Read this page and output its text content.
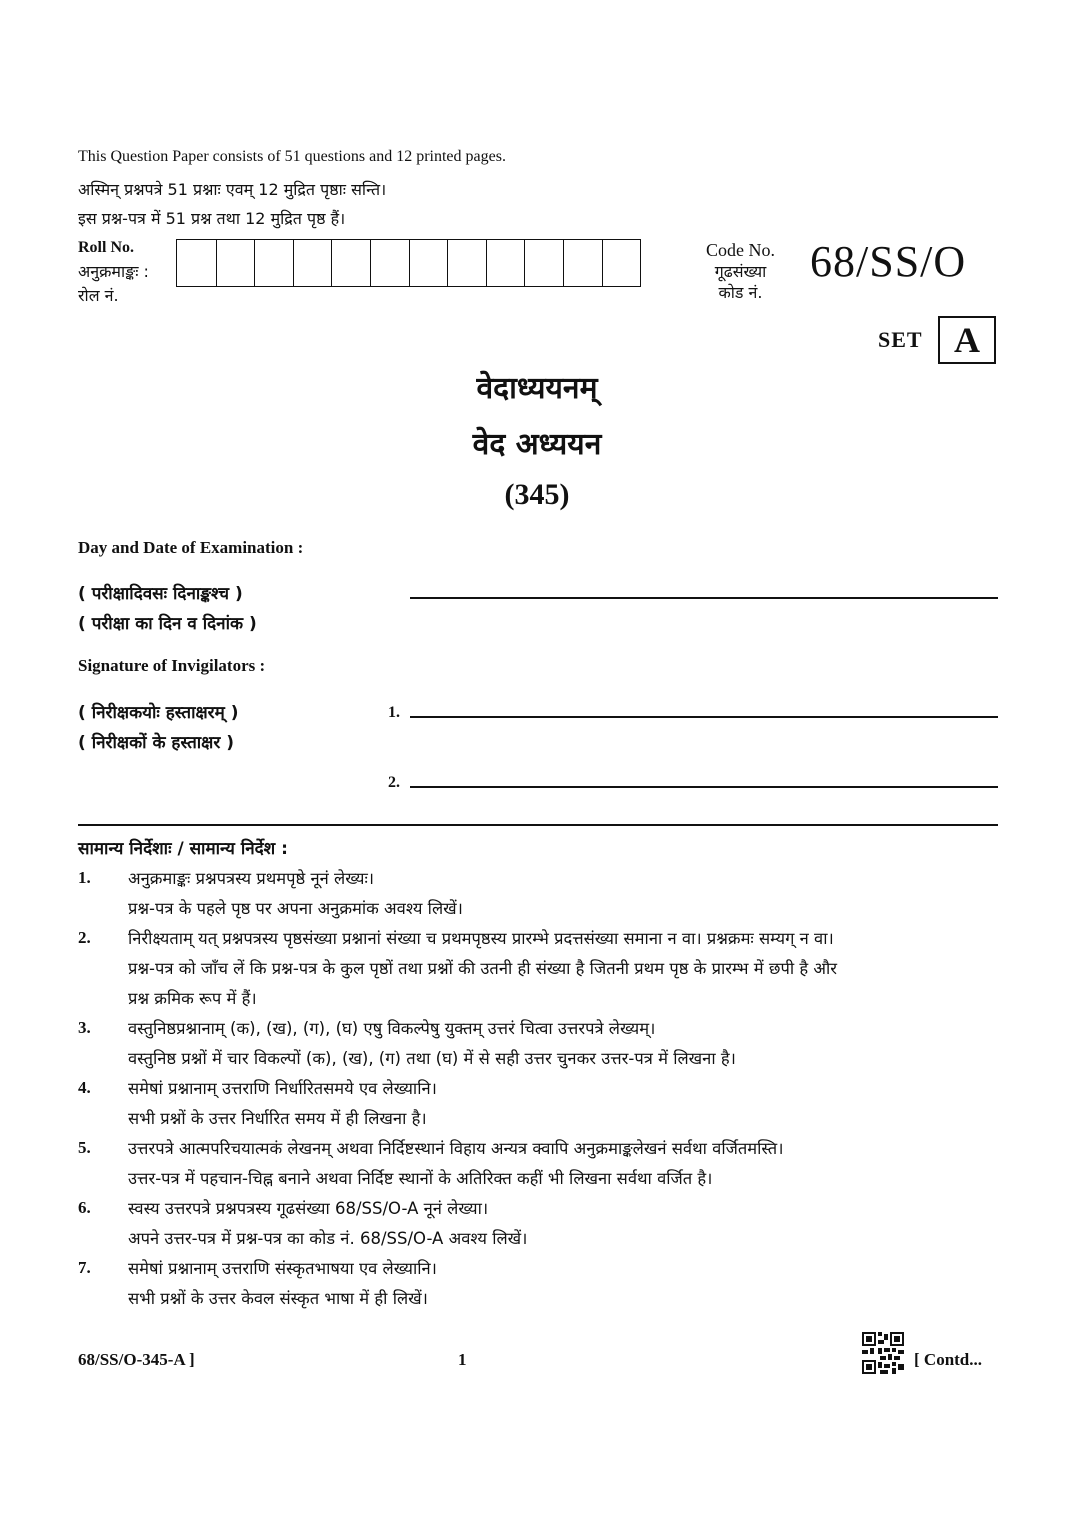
This Question Paper consists of 51 questions and 12 printed pages.
अस्मिन् प्रश्नपत्रे 51 प्रश्नाः एवम् 12 मुद्रित पृष्ठाः सन्ति।
इस प्रश्न-पत्र में 51 प्रश्न तथा 12 मुद्रित पृष्ठ हैं।
Roll No.
अनुक्रमाङ्कः :
रोल नं.
Code No.
गूढसंख्या
कोड नं.
68/SS/O
SET A
वेदाध्ययनम्
वेद अध्ययन
(345)
Day and Date of Examination :
( परीक्षादिवसः दिनाङ्कश्च )
( परीक्षा का दिन व दिनांक )
Signature of Invigilators :
( निरीक्षकयोः हस्ताक्षरम् )
( निरीक्षकों के हस्ताक्षर )
1.
2.
सामान्य निर्देशाः / सामान्य निर्देश :
1. अनुक्रमाङ्कः प्रश्नपत्रस्य प्रथमपृष्ठे नूनं लेख्यः।
प्रश्न-पत्र के पहले पृष्ठ पर अपना अनुक्रमांक अवश्य लिखें।
2. निरीक्ष्यताम् यत् प्रश्नपत्रस्य पृष्ठसंख्या प्रश्नानां संख्या च प्रथमपृष्ठस्य प्रारम्भे प्रदत्तसंख्या समाना न वा। प्रश्नक्रमः सम्यग् न वा।
प्रश्न-पत्र को जाँच लें कि प्रश्न-पत्र के कुल पृष्ठों तथा प्रश्नों की उतनी ही संख्या है जितनी प्रथम पृष्ठ के प्रारम्भ में छपी है और
प्रश्न क्रमिक रूप में हैं।
3. वस्तुनिष्ठप्रश्नानाम् (क), (ख), (ग), (घ) एषु विकल्पेषु युक्तम् उत्तरं चित्वा उत्तरपत्रे लेख्यम्।
वस्तुनिष्ठ प्रश्नों में चार विकल्पों (क), (ख), (ग) तथा (घ) में से सही उत्तर चुनकर उत्तर-पत्र में लिखना है।
4. समेषां प्रश्नानाम् उत्तराणि निर्धारितसमये एव लेख्यानि।
सभी प्रश्नों के उत्तर निर्धारित समय में ही लिखना है।
5. उत्तरपत्रे आत्मपरिचयात्मकं लेखनम् अथवा निर्दिष्टस्थानं विहाय अन्यत्र क्वापि अनुक्रमाङ्कलेखनं सर्वथा वर्जितमस्ति।
उत्तर-पत्र में पहचान-चिह्न बनाने अथवा निर्दिष्ट स्थानों के अतिरिक्त कहीं भी लिखना सर्वथा वर्जित है।
6. स्वस्य उत्तरपत्रे प्रश्नपत्रस्य गूढसंख्या 68/SS/O-A नूनं लेख्या।
अपने उत्तर-पत्र में प्रश्न-पत्र का कोड नं. 68/SS/O-A अवश्य लिखें।
7. समेषां प्रश्नानाम् उत्तराणि संस्कृतभाषया एव लेख्यानि।
सभी प्रश्नों के उत्तर केवल संस्कृत भाषा में ही लिखें।
68/SS/O-345-A ]	1	[ Contd...
